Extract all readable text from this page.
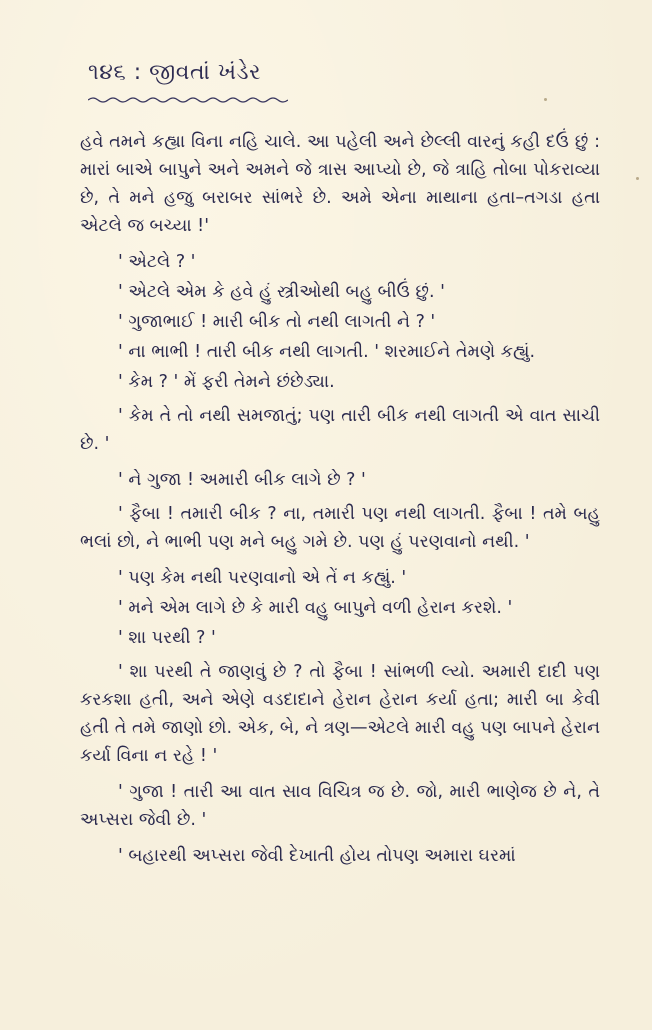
૧૪૬ : જીવતાં ખંડેર

હવે તમને કહ્યા વિના નહિ ચાલે. આ પહેલી અને છેલ્લી વારનું કહી દઉં છું : મારાં બાએ બાપુને અને અમને જે ત્રાસ આપ્યો છે, જે ત્રાહિ તોબા પોકરાવ્યા છે, તે મને હજુ બરાબર સાંભરે છે. અમે એના માથાના હતા–તગડા હતા એટલે જ બચ્યા !'

' એટલે ? '

' એટલે એમ કે હવે હું સ્ત્રીઓથી બહુ બીઉં છું. '

' ગુજાભાઈ ! મારી બીક તો નથી લાગતી ને ? '

' ના ભાભી ! તારી બીક નથી લાગતી. ' શરમાઈને તેમણે કહ્યું.

' કેમ ? ' મેં ફરી તેમને છંછેડ્યા.

' કેમ તે તો નથી સમજાતું; પણ તારી બીક નથી લાગતી એ વાત સાચી છે. '

' ને ગુજા ! અમારી બીક લાગે છે ? '

' ફૈબા ! તમારી બીક ? ના, તમારી પણ નથી લાગતી. ફૈબા ! તમે બહુ ભલાં છો, ને ભાભી પણ મને બહુ ગમે છે. પણ હું પરણવાનો નથી. '

' પણ કેમ નથી પરણવાનો એ તેં ન કહ્યું. '

' મને એમ લાગે છે કે મારી વહુ બાપુને વળી હેરાન કરશે. '

' શા પરથી ? '

' શા પરથી તે જાણવું છે ? તો ફૈબા ! સાંભળી લ્યો. અમારી દાદી પણ કરકશા હતી, અને એણે વડદાદાને હેરાન હેરાન કર્યા હતા; મારી બા કેવી હતી તે તમે જાણો છો. એક, બે, ને ત્રણ—એટલે મારી વહુ પણ બાપને હેરાન કર્યા વિના ન રહે ! '

' ગુજા ! તારી આ વાત સાવ વિચિત્ર જ છે. જો, મારી ભાણેજ છે ને, તે અપ્સરા જેવી છે. '

' બહારથી અપ્સરા જેવી દેખાતી હોય તોપણ અમારા ઘરમાં
